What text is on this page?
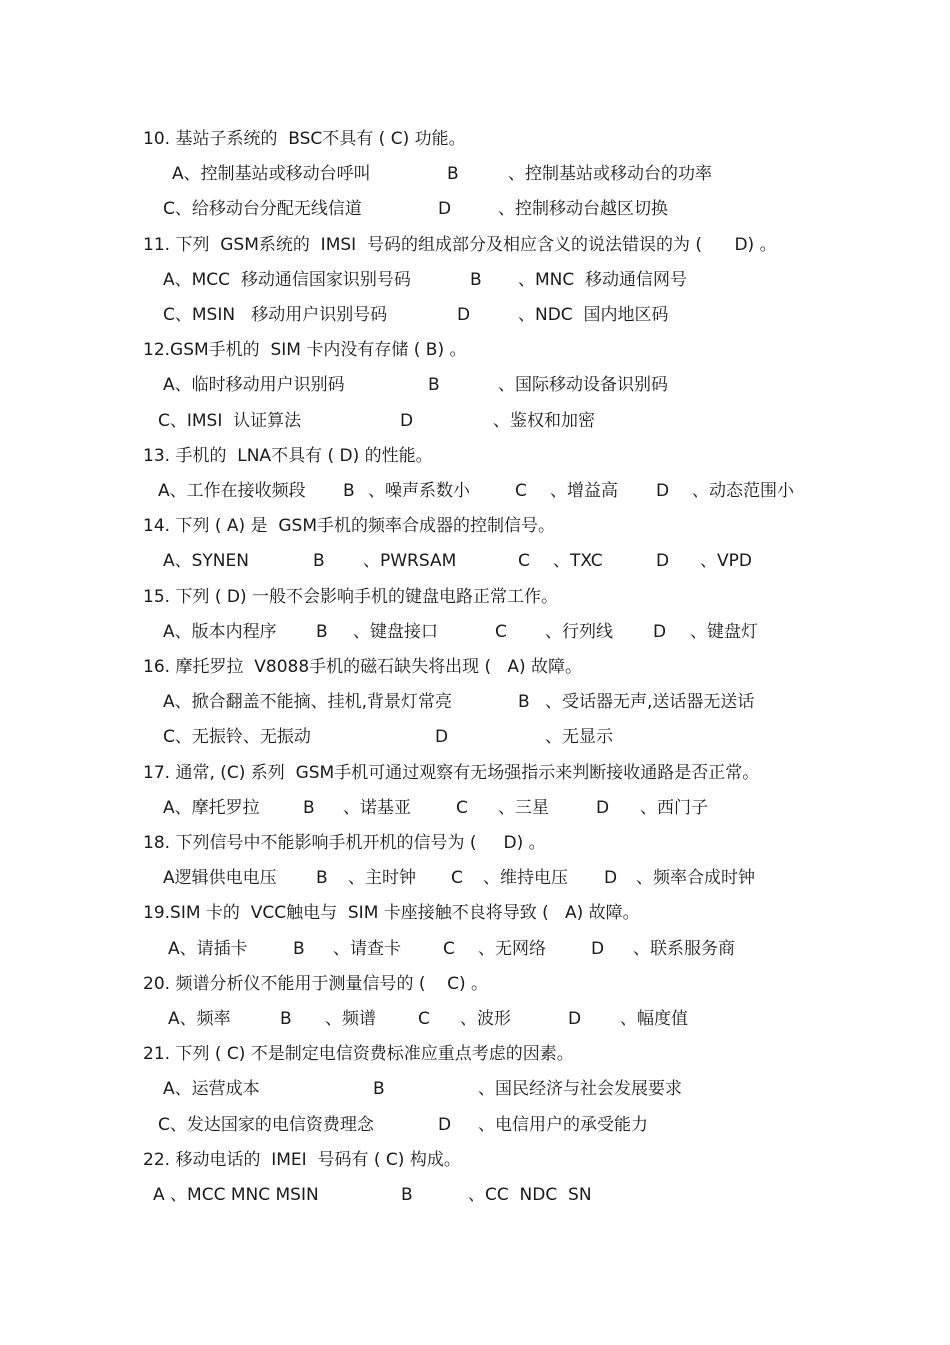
10. 基站子系统的  BSC不具有 ( C) 功能。
A、控制基站或移动台呼叫	B	、控制基站或移动台的功率
C、给移动台分配无线信道	D	、控制移动台越区切换
11. 下列  GSM系统的  IMSI  号码的组成部分及相应含义的说法错误的为 (      D) 。
A、MCC  移动通信国家识别号码	B 、MNC  移动通信网号
C、MSIN   移动用户识别号码	D	、NDC  国内地区码
12.GSM手机的  SIM 卡内没有存储 ( B) 。
A、临时移动用户识别码	B	、国际移动设备识别码
C、IMSI  认证算法	D	、鉴权和加密
13. 手机的  LNA不具有 ( D) 的性能。
A、工作在接收频段 B 、噪声系数小	C 、增益高 D 、动态范围小
14. 下列 ( A) 是  GSM手机的频率合成器的控制信号。
A、SYNEN	B 、PWRSAM	C 、TXC	D 、VPD
15. 下列 ( D) 一般不会影响手机的键盘电路正常工作。
A、版本内程序 B 、键盘接口	C 、行列线 D 、键盘灯
16. 摩托罗拉  V8088手机的磁石缺失将出现 (   A) 故障。
A、掀合翻盖不能摘、挂机,背景灯常亮	B 、受话器无声,送话器无送话
C、无振铃、无振动	D	、无显示
17. 通常, (C) 系列  GSM手机可通过观察有无场强指示来判断接收通路是否正常。
A、摩托罗拉	B 、诺基亚	C 、三星	D 、西门子
18. 下列信号中不能影响手机开机的信号为 (     D) 。
A逻辑供电电压 B 、主时钟 C 、维持电压 D 、频率合成时钟
19.SIM 卡的  VCC触电与  SIM 卡座接触不良将导致 (   A) 故障。
A、请插卡	B 、请查卡 C 、无网络	D 、联系服务商
20. 频谱分析仪不能用于测量信号的 (    C) 。
A、频率	B 、频谱 C 、波形	D 、幅度值
21. 下列 ( C) 不是制定电信资费标准应重点考虑的因素。
A、运营成本	B	、国民经济与社会发展要求
C、发达国家的电信资费理念	D 、电信用户的承受能力
22. 移动电话的  IMEI  号码有 ( C) 构成。
A 、MCC MNC MSIN	B	、CC  NDC  SN
